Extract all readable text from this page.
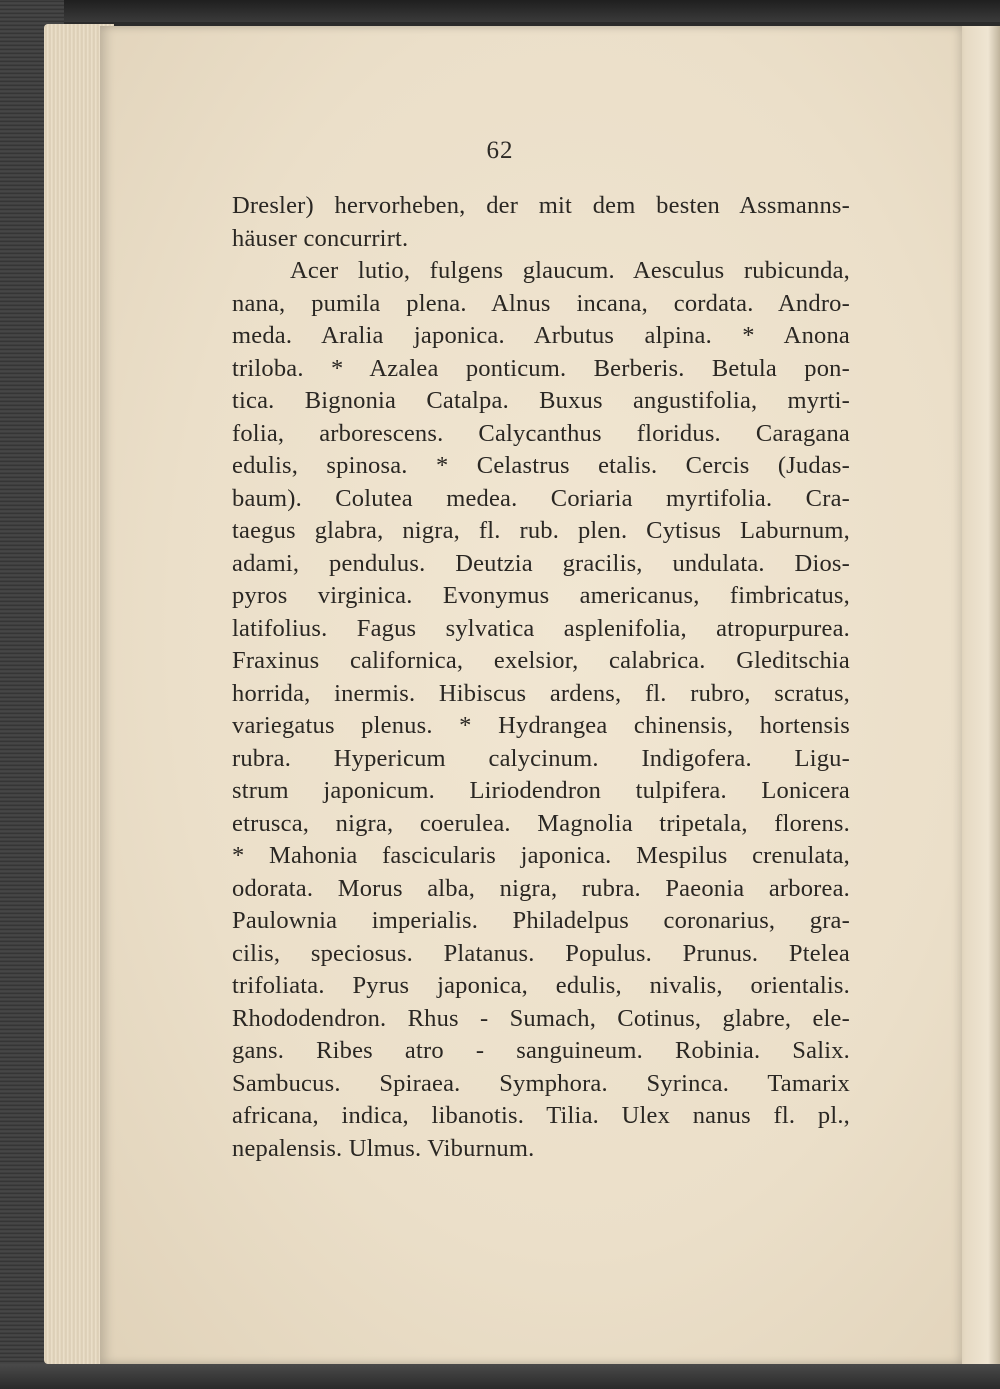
62
Dresler) hervorheben, der mit dem besten Assmanns-
häuser concurrirt.
Acer lutio, fulgens glaucum. Aesculus rubicunda,
nana, pumila plena. Alnus incana, cordata. Andro-
meda. Aralia japonica. Arbutus alpina. * Anona
triloba. * Azalea ponticum. Berberis. Betula pon-
tica. Bignonia Catalpa. Buxus angustifolia, myrti-
folia, arborescens. Calycanthus floridus. Caragana
edulis, spinosa. * Celastrus etalis. Cercis (Judas-
baum). Colutea medea. Coriaria myrtifolia. Cra-
taegus glabra, nigra, fl. rub. plen. Cytisus Laburnum,
adami, pendulus. Deutzia gracilis, undulata. Dios-
pyros virginica. Evonymus americanus, fimbricatus,
latifolius. Fagus sylvatica asplenifolia, atropurpurea.
Fraxinus californica, exelsior, calabrica. Gleditschia
horrida, inermis. Hibiscus ardens, fl. rubro, scratus,
variegatus plenus. * Hydrangea chinensis, hortensis
rubra. Hypericum calycinum. Indigofera. Ligu-
strum japonicum. Liriodendron tulpifera. Lonicera
etrusca, nigra, coerulea. Magnolia tripetala, florens.
* Mahonia fascicularis japonica. Mespilus crenulata,
odorata. Morus alba, nigra, rubra. Paeonia arborea.
Paulownia imperialis. Philadelpus coronarius, gra-
cilis, speciosus. Platanus. Populus. Prunus. Ptelea
trifoliata. Pyrus japonica, edulis, nivalis, orientalis.
Rhododendron. Rhus - Sumach, Cotinus, glabre, ele-
gans. Ribes atro - sanguineum. Robinia. Salix.
Sambucus. Spiraea. Symphora. Syrinca. Tamarix
africana, indica, libanotis. Tilia. Ulex nanus fl. pl.,
nepalensis. Ulmus. Viburnum.
